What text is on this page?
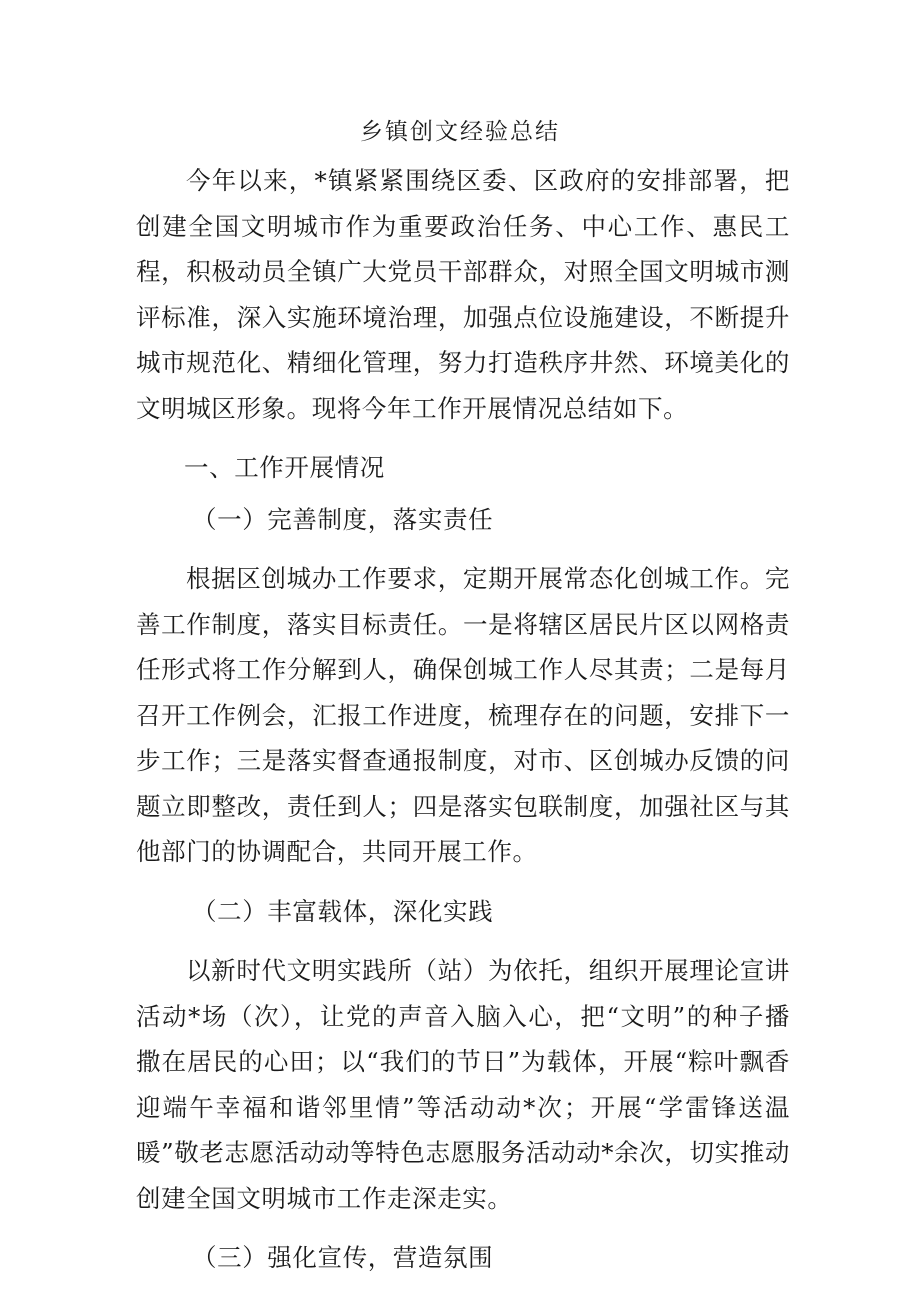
乡镇创文经验总结

今年以来，*镇紧紧围绕区委、区政府的安排部署，把创建全国文明城市作为重要政治任务、中心工作、惠民工程，积极动员全镇广大党员干部群众，对照全国文明城市测评标准，深入实施环境治理，加强点位设施建设，不断提升城市规范化、精细化管理，努力打造秩序井然、环境美化的文明城区形象。现将今年工作开展情况总结如下。

一、工作开展情况

（一）完善制度，落实责任

根据区创城办工作要求，定期开展常态化创城工作。完善工作制度，落实目标责任。一是将辖区居民片区以网格责任形式将工作分解到人，确保创城工作人尽其责；二是每月召开工作例会，汇报工作进度，梳理存在的问题，安排下一步工作；三是落实督查通报制度，对市、区创城办反馈的问题立即整改，责任到人；四是落实包联制度，加强社区与其他部门的协调配合，共同开展工作。

（二）丰富载体，深化实践

以新时代文明实践所（站）为依托，组织开展理论宣讲活动*场（次），让党的声音入脑入心，把“文明”的种子播撒在居民的心田；以“我们的节日”为载体，开展“粽叶飘香迎端午幸福和谐邻里情”等活动动*次；开展“学雷锋送温暖”敬老志愿活动动等特色志愿服务活动动*余次，切实推动创建全国文明城市工作走深走实。

（三）强化宣传，营造氛围
